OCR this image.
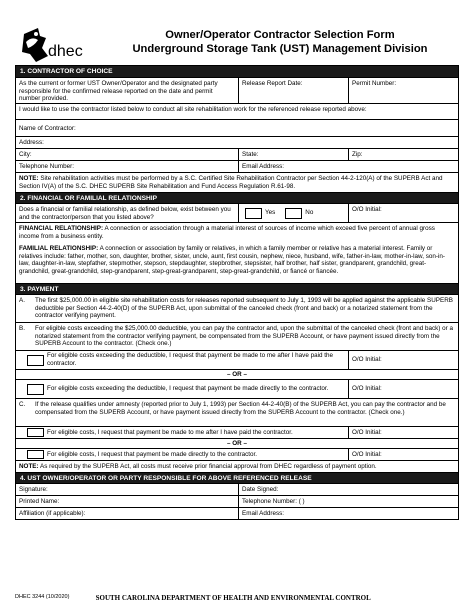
dhec
Owner/Operator Contractor Selection Form
Underground Storage Tank (UST) Management Division
1. CONTRACTOR OF CHOICE
As the current or former UST Owner/Operator and the designated party responsible for the confirmed release reported on the date and permit number provided.
Release Report Date:	Permit Number:
I would like to use the contractor listed below to conduct all site rehabilitation work for the referenced release reported above:
Name of Contractor:
Address:
City:	State:	Zip:
Telephone Number:	Email Address:
NOTE: Site rehabilitation activities must be performed by a S.C. Certified Site Rehabilitation Contractor per Section 44-2-120(A) of the SUPERB Act and Section IV(A) of the S.C. DHEC SUPERB Site Rehabilitation and Fund Access Regulation R.61-98.
2. FINANCIAL OR FAMILIAL RELATIONSHIP
Does a financial or familial relationship, as defined below, exist between you and the contractor/person that you listed above?
Yes	No	O/O Initial:
FINANCIAL RELATIONSHIP: A connection or association through a material interest of sources of income which exceed five percent of annual gross income from a business entity.
FAMILIAL RELATIONSHIP: A connection or association by family or relatives, in which a family member or relative has a material interest. Family or relatives include: father, mother, son, daughter, brother, sister, uncle, aunt, first cousin, nephew, niece, husband, wife, father-in-law, mother-in-law, son-in-law, daughter-in-law, stepfather, stepmother, stepson, stepdaughter, stepbrother, stepsister, half brother, half sister, grandparent, grandchild, great-grandchild, great-grandchild, step-grandparent, step-great-grandparent, step-great-grandchild, or fiancé or fiancée.
3. PAYMENT
A.	The first $25,000.00 in eligible site rehabilitation costs for releases reported subsequent to July 1, 1993 will be applied against the applicable SUPERB deductible per Section 44-2-40(D) of the SUPERB Act, upon submittal of the canceled check (front and back) or a notarized statement from the contractor verifying payment.
B.	For eligible costs exceeding the $25,000.00 deductible, you can pay the contractor and, upon the submittal of the canceled check (front and back) or a notarized statement from the contractor verifying payment, be compensated from the SUPERB Account, or have payment issued directly from the SUPERB Account to the contractor. (Check one.)
For eligible costs exceeding the deductible, I request that payment be made to me after I have paid the contractor.
O/O Initial:
– OR –
For eligible costs exceeding the deductible, I request that payment be made directly to the contractor.	O/O Initial:
C.	If the release qualifies under amnesty (reported prior to July 1, 1993) per Section 44-2-40(B) of the SUPERB Act, you can pay the contractor and be compensated from the SUPERB Account, or have payment issued directly from the SUPERB Account to the contractor. (Check one.)
For eligible costs, I request that payment be made to me after I have paid the contractor.	O/O Initial:
– OR –
For eligible costs, I request that payment be made directly to the contractor.	O/O Initial:
NOTE: As required by the SUPERB Act, all costs must receive prior financial approval from DHEC regardless of payment option.
4. UST OWNER/OPERATOR OR PARTY RESPONSIBLE FOR ABOVE REFERENCED RELEASE
Signature:	Date Signed:
Printed Name:	Telephone Number: ( )
Affiliation (if applicable):	Email Address:
DHEC 3244 (10/2020)	SOUTH CAROLINA DEPARTMENT OF HEALTH AND ENVIRONMENTAL CONTROL
